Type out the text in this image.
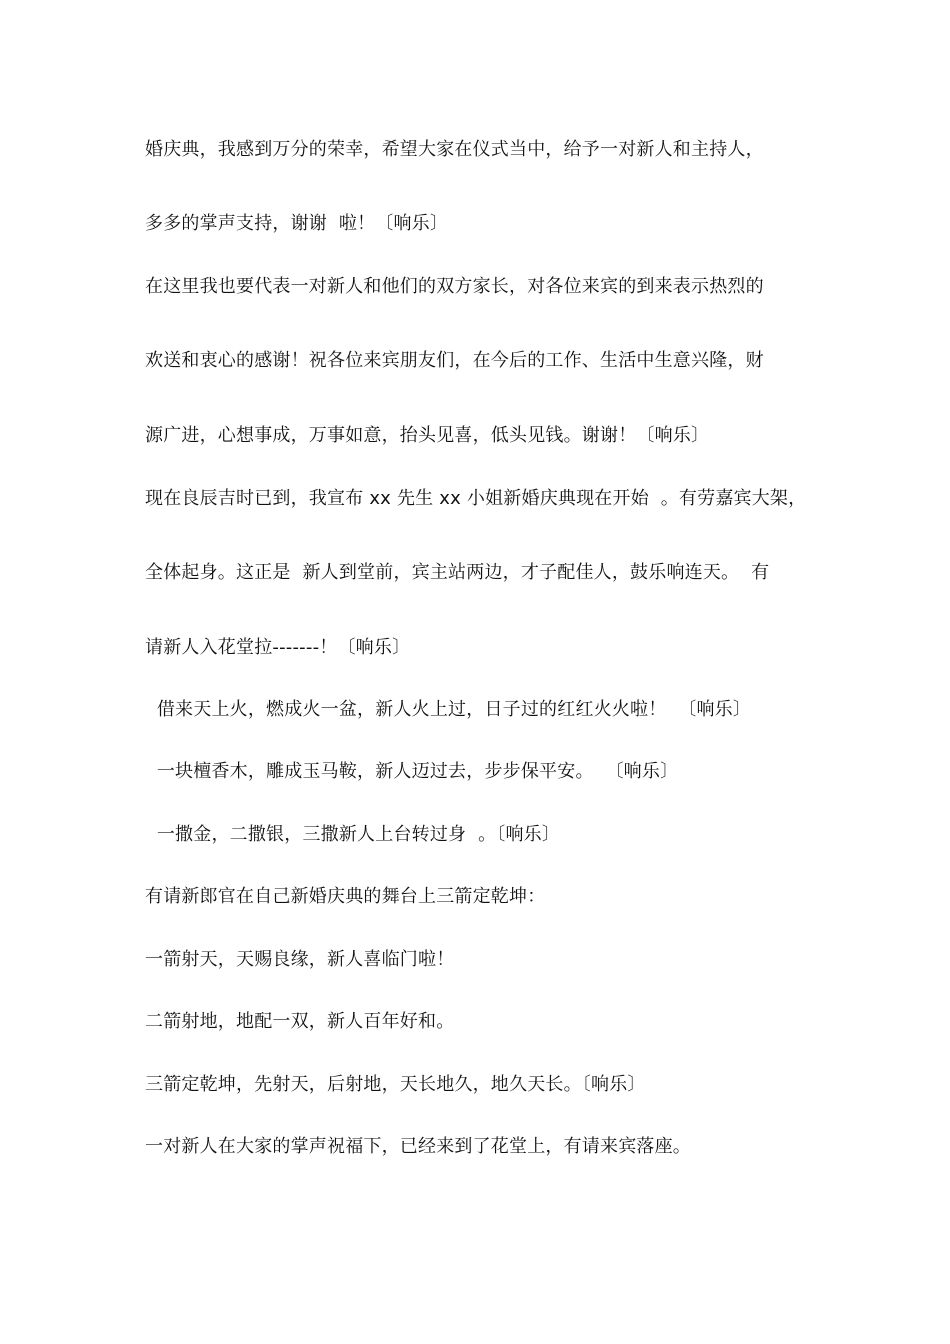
婚庆典，我感到万分的荣幸，希望大家在仪式当中，给予一对新人和主持人，
多多的掌声支持，谢谢  啦！〔响乐〕
在这里我也要代表一对新人和他们的双方家长，对各位来宾的到来表示热烈的
欢送和衷心的感谢！祝各位来宾朋友们，在今后的工作、生活中生意兴隆，财
源广进，心想事成，万事如意，抬头见喜，低头见钱。谢谢！〔响乐〕
现在良辰吉时已到，我宣布 xx 先生 xx 小姐新婚庆典现在开始  。有劳嘉宾大架，
全体起身。这正是  新人到堂前，宾主站两边，才子配佳人，鼓乐响连天。  有
请新人入花堂拉-------！〔响乐〕
借来天上火，燃成火一盆，新人火上过，日子过的红红火火啦！  〔响乐〕
一块檀香木，雕成玉马鞍，新人迈过去，步步保平安。  〔响乐〕
一撒金，二撒银，三撒新人上台转过身  。〔响乐〕
有请新郎官在自己新婚庆典的舞台上三箭定乾坤：
一箭射天，天赐良缘，新人喜临门啦！
二箭射地，地配一双，新人百年好和。
三箭定乾坤，先射天，后射地，天长地久，地久天长。〔响乐〕
一对新人在大家的掌声祝福下，已经来到了花堂上，有请来宾落座。
